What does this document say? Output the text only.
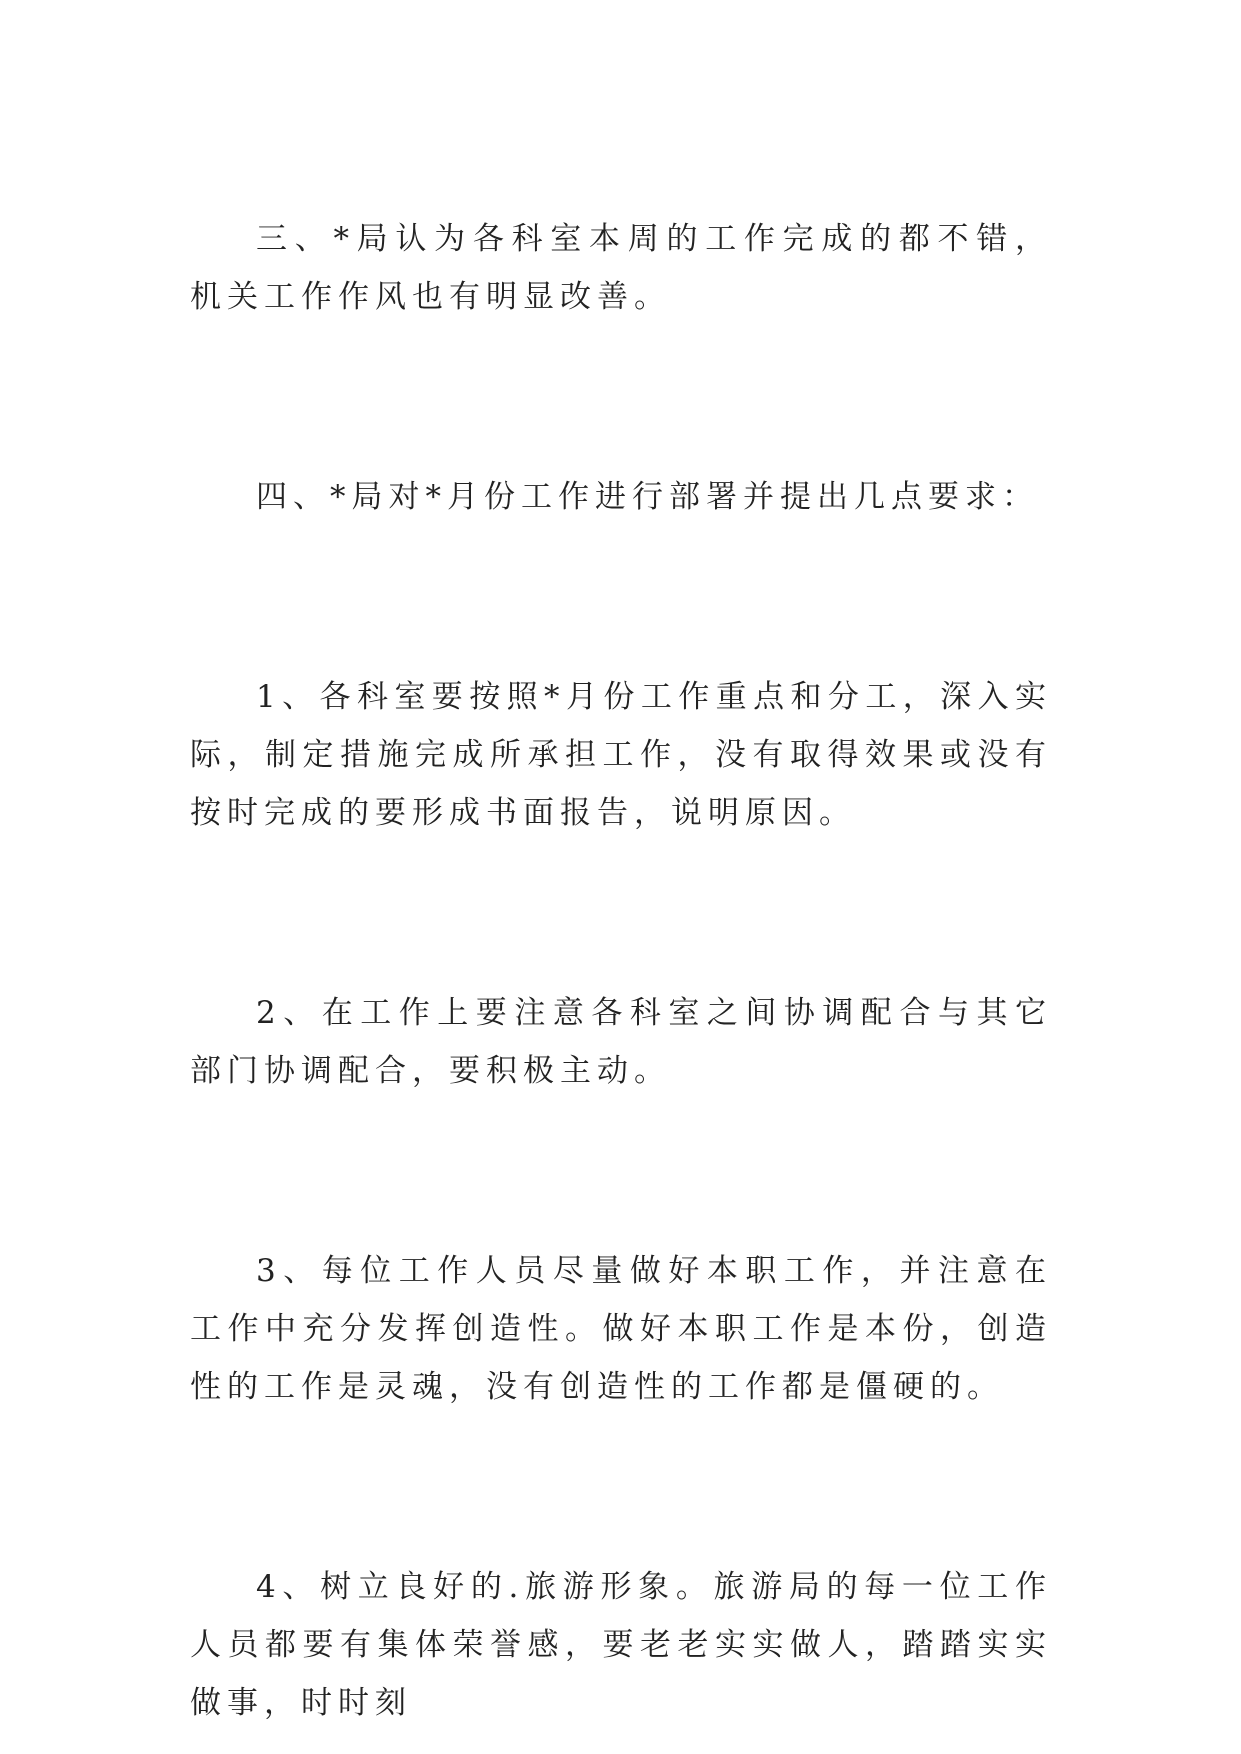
三、*局认为各科室本周的工作完成的都不错，机关工作作风也有明显改善。

四、*局对*月份工作进行部署并提出几点要求：

1、各科室要按照*月份工作重点和分工，深入实际，制定措施完成所承担工作，没有取得效果或没有按时完成的要形成书面报告，说明原因。

2、在工作上要注意各科室之间协调配合与其它部门协调配合，要积极主动。

3、每位工作人员尽量做好本职工作，并注意在工作中充分发挥创造性。做好本职工作是本份，创造性的工作是灵魂，没有创造性的工作都是僵硬的。

4、树立良好的.旅游形象。旅游局的每一位工作人员都要有集体荣誉感，要老老实实做人，踏踏实实做事，时时刻
